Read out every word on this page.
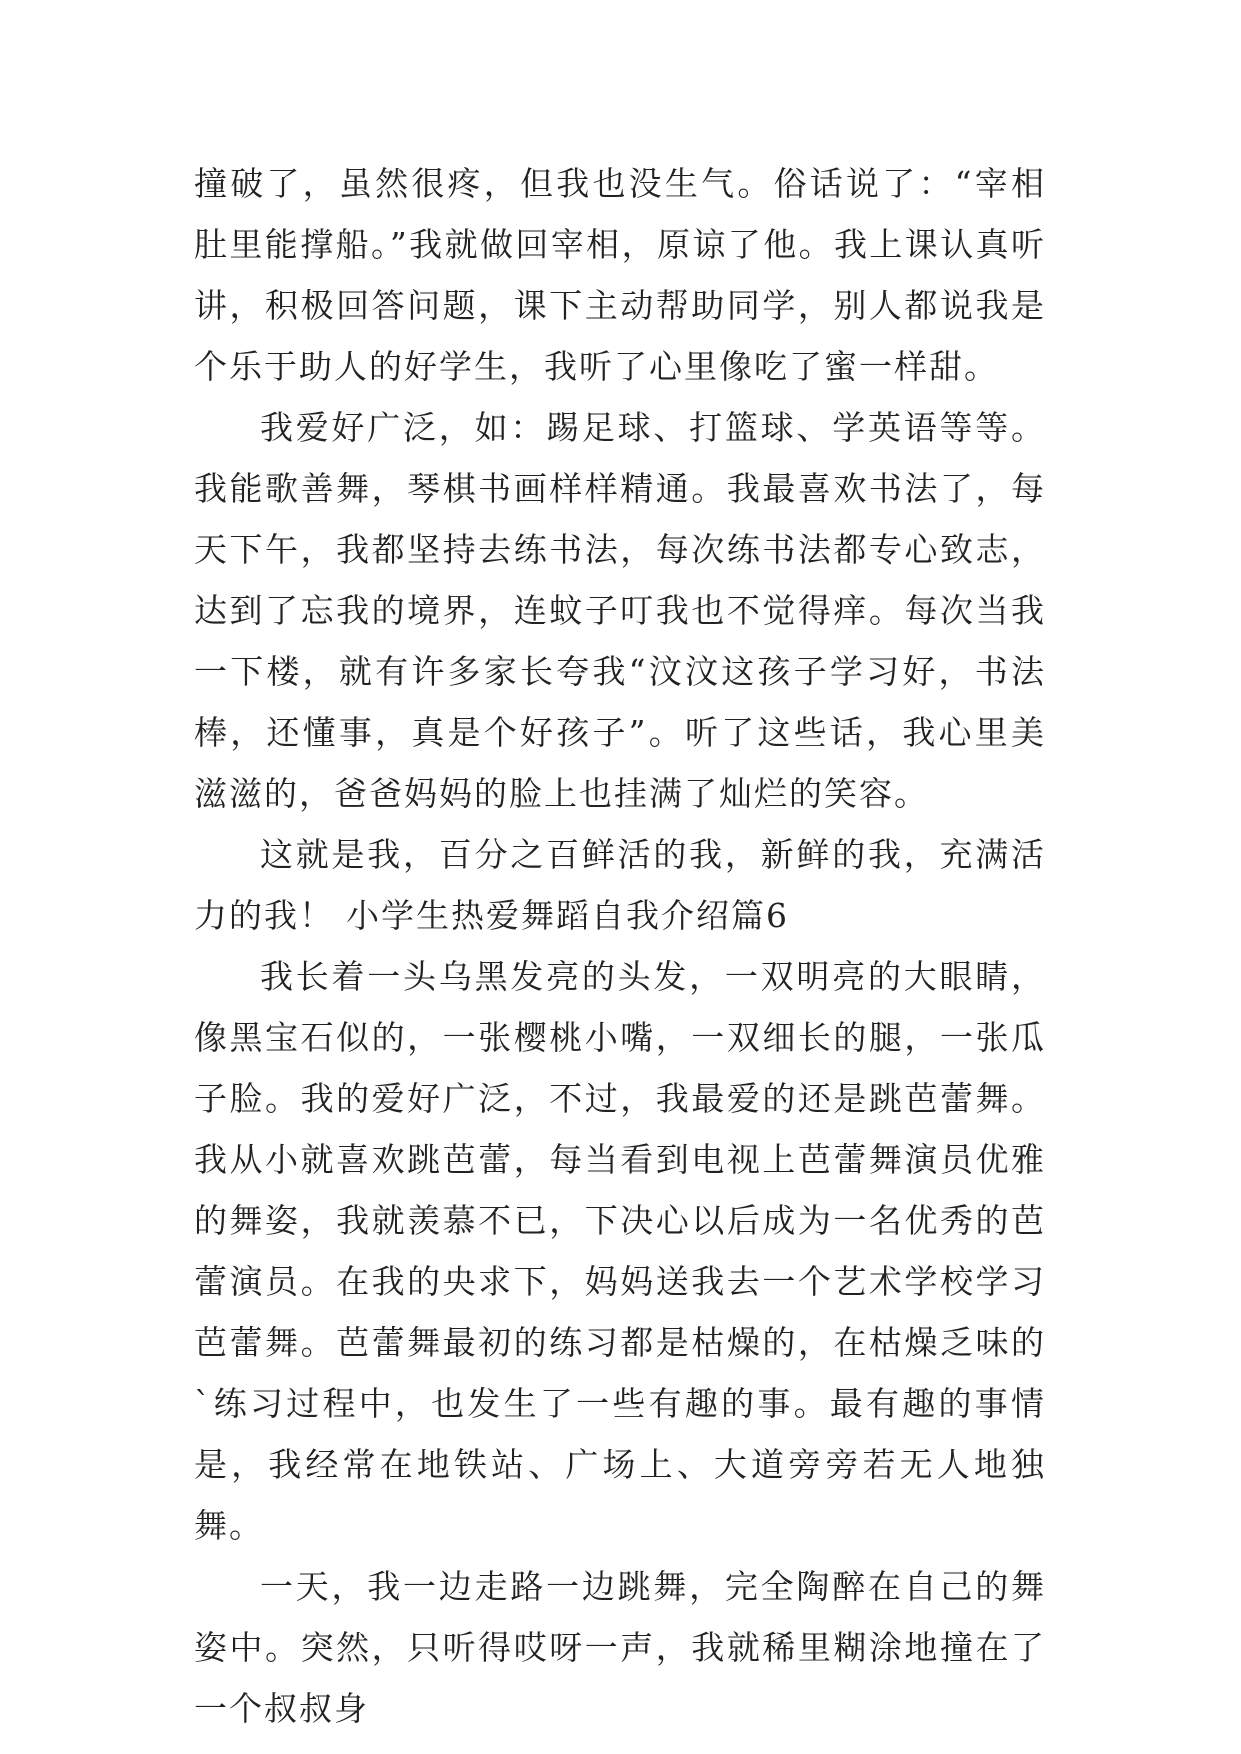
撞破了，虽然很疼，但我也没生气。俗话说了：“宰相肚里能撑船。”我就做回宰相，原谅了他。我上课认真听讲，积极回答问题，课下主动帮助同学，别人都说我是个乐于助人的好学生，我听了心里像吃了蜜一样甜。

我爱好广泛，如：踢足球、打篮球、学英语等等。我能歌善舞，琴棋书画样样精通。我最喜欢书法了，每天下午，我都坚持去练书法，每次练书法都专心致志，达到了忘我的境界，连蚊子叮我也不觉得痒。每次当我一下楼，就有许多家长夸我“汶汶这孩子学习好，书法棒，还懂事，真是个好孩子”。听了这些话，我心里美滋滋的，爸爸妈妈的脸上也挂满了灿烂的笑容。

这就是我，百分之百鲜活的我，新鲜的我，充满活力的我！ 小学生热爱舞蹈自我介绍篇6

我长着一头乌黑发亮的头发，一双明亮的大眼睛，像黑宝石似的，一张樱桃小嘴，一双细长的腿，一张瓜子脸。我的爱好广泛，不过，我最爱的还是跳芭蕾舞。我从小就喜欢跳芭蕾，每当看到电视上芭蕾舞演员优雅的舞姿，我就羡慕不已，下决心以后成为一名优秀的芭蕾演员。在我的央求下，妈妈送我去一个艺术学校学习芭蕾舞。芭蕾舞最初的练习都是枯燥的，在枯燥乏味的`练习过程中，也发生了一些有趣的事。最有趣的事情是，我经常在地铁站、广场上、大道旁旁若无人地独舞。

一天，我一边走路一边跳舞，完全陶醉在自己的舞姿中。突然，只听得哎呀一声，我就稀里糊涂地撞在了一个叔叔身
